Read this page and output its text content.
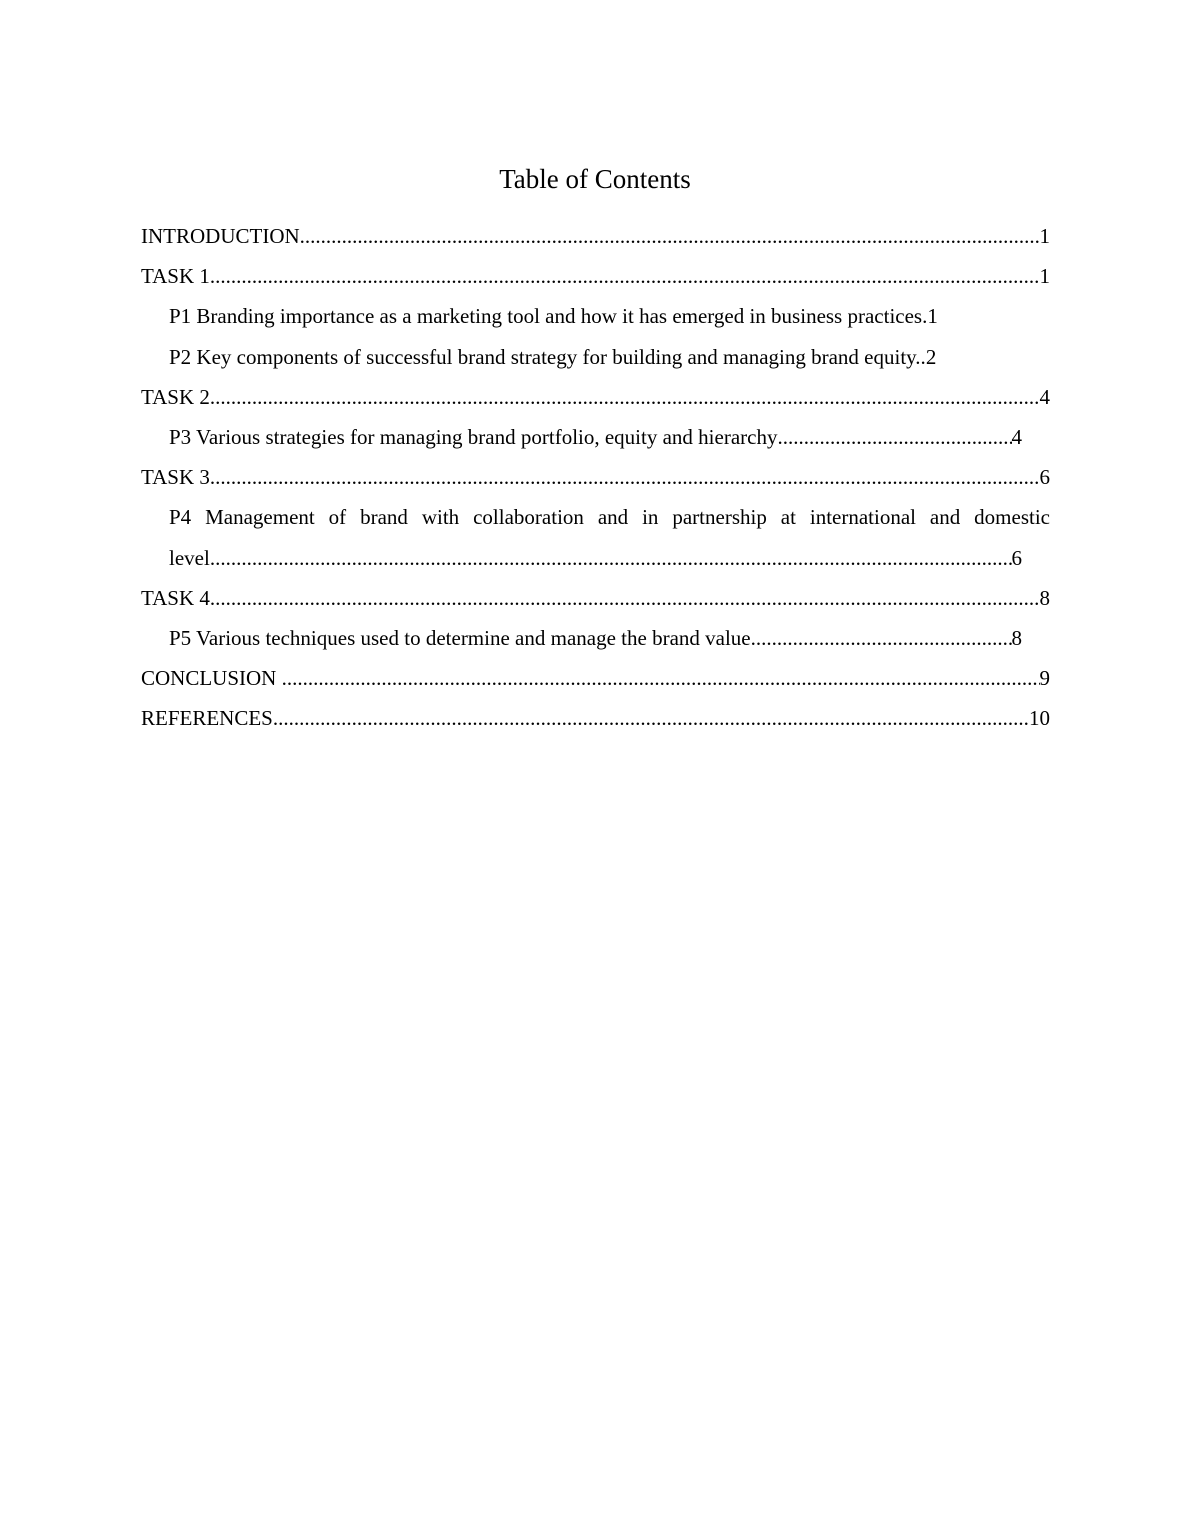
Table of Contents
INTRODUCTION .....	1
TASK 1 .....	1
P1 Branding importance as a marketing tool and how it has emerged in business practices. 1
P2 Key components of successful brand strategy for building and managing brand equity.. 2
TASK 2 .....	4
P3 Various strategies for managing brand portfolio, equity and hierarchy .....	4
TASK 3 .....	6
P4 Management of brand with collaboration and in partnership at international and domestic
level .....	6
TASK 4 .....	8
P5 Various techniques used to determine and manage the brand value .....	8
CONCLUSION .....	9
REFERENCES .....	10
